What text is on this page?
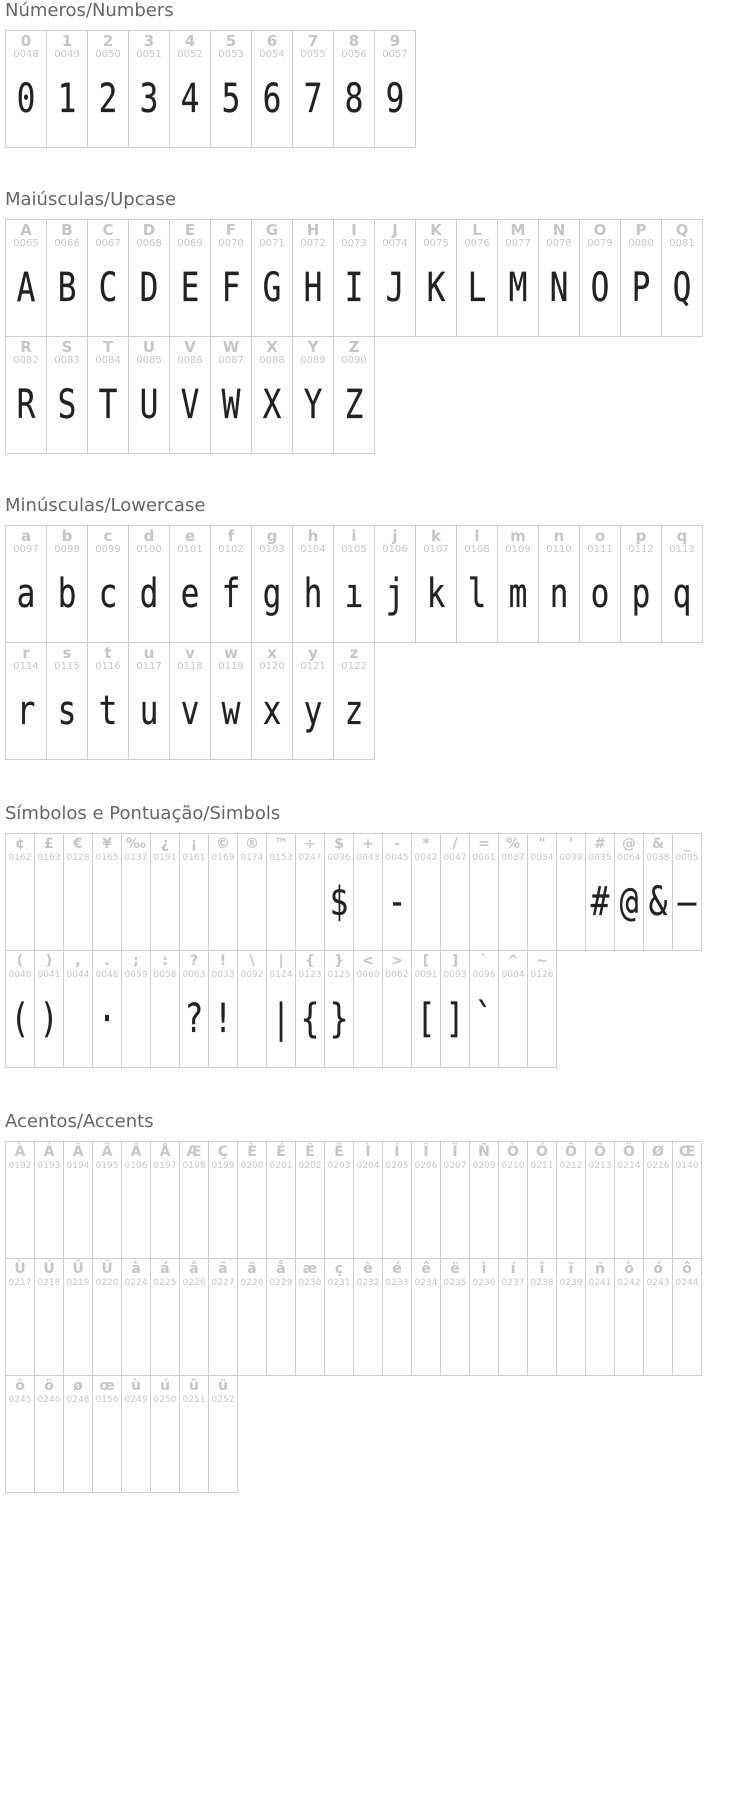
Números/Numbers
0
0048
0
1
0049
1
2
0050
2
3
0051
3
4
0052
4
5
0053
5
6
0054
6
7
0055
7
8
0056
8
9
0057
9
Maiúsculas/Upcase
A
0065
A
B
0066
B
C
0067
C
D
0068
D
E
0069
E
F
0070
F
G
0071
G
H
0072
H
I
0073
I
J
0074
J
K
0075
K
L
0076
L
M
0077
M
N
0078
N
O
0079
O
P
0080
P
Q
0081
Q
R
0082
R
S
0083
S
T
0084
T
U
0085
U
V
0086
V
W
0087
W
X
0088
X
Y
0089
Y
Z
0090
Z
Minúsculas/Lowercase
a
0097
a
b
0098
b
c
0099
c
d
0100
d
e
0101
e
f
0102
f
g
0103
g
h
0104
h
i
0105
ı
j
0106
j
k
0107
k
l
0108
l
m
0109
m
n
0110
n
o
0111
o
p
0112
p
q
0113
q
r
0114
r
s
0115
s
t
0116
t
u
0117
u
v
0118
v
w
0119
w
x
0120
x
y
0121
y
z
0122
z
Símbolos e Pontuação/Simbols
¢
0162
£
0163
€
0128
¥
0165
‰
0137
¿
0191
¡
0161
©
0169
®
0174
™
0153
÷
0247
$
0036
$
+
0043
-
0045
-
*
0042
/
0047
=
0061
%
0037
"
0034
'
0039
#
0035
#
@
0064
@
&
0038
&
_
0095
—
(
0040
(
)
0041
)
,
0044
.
0046
·
;
0059
:
0058
?
0063
?
!
0033
!
\
0092
|
0124
|
{
0123
{
}
0125
}
<
0060
>
0062
[
0091
[
]
0093
]
`
0096
`
^
0094
~
0126
Acentos/Accents
À
0192
Á
0193
Â
0194
Ã
0195
Ä
0196
Å
0197
Æ
0198
Ç
0199
È
0200
É
0201
Ê
0202
Ë
0203
Ì
0204
Í
0205
Î
0206
Ï
0207
Ñ
0209
Ò
0210
Ó
0211
Ô
0212
Õ
0213
Ö
0214
Ø
0216
Œ
0140
Ù
0217
Ú
0218
Û
0219
Ü
0220
à
0224
á
0225
â
0226
ã
0227
ä
0228
å
0229
æ
0230
ç
0231
è
0232
é
0233
ê
0234
ë
0235
ì
0236
í
0237
î
0238
ï
0239
ñ
0241
ò
0242
ó
0243
ô
0244
õ
0245
ö
0246
ø
0248
œ
0156
ù
0249
ú
0250
û
0251
ü
0252
